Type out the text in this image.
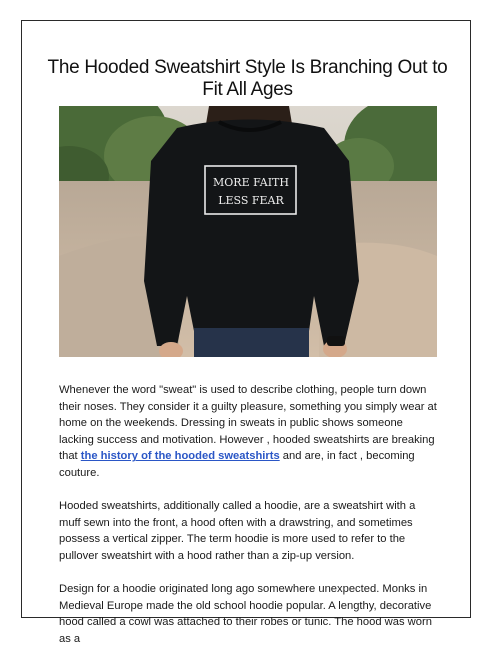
The Hooded Sweatshirt Style Is Branching Out to
Fit All Ages
MORE FAITH
LESS FEAR

Whenever the word "sweat" is used to describe clothing, people turn down their noses. They consider it a guilty pleasure, something you simply wear at home on the weekends. Dressing in sweats in public shows someone lacking success and motivation. However , hooded sweatshirts are breaking that the history of the hooded sweatshirts and are, in fact , becoming couture.

Hooded sweatshirts, additionally called a hoodie, are a sweatshirt with a muff sewn into the front, a hood often with a drawstring, and sometimes possess a vertical zipper. The term hoodie is more used to refer to the pullover sweatshirt with a hood rather than a zip-up version.

Design for a hoodie originated long ago somewhere unexpected. Monks in Medieval Europe made the old school hoodie popular. A lengthy, decorative hood called a cowl was attached to their robes or tunic. The hood was worn as a
